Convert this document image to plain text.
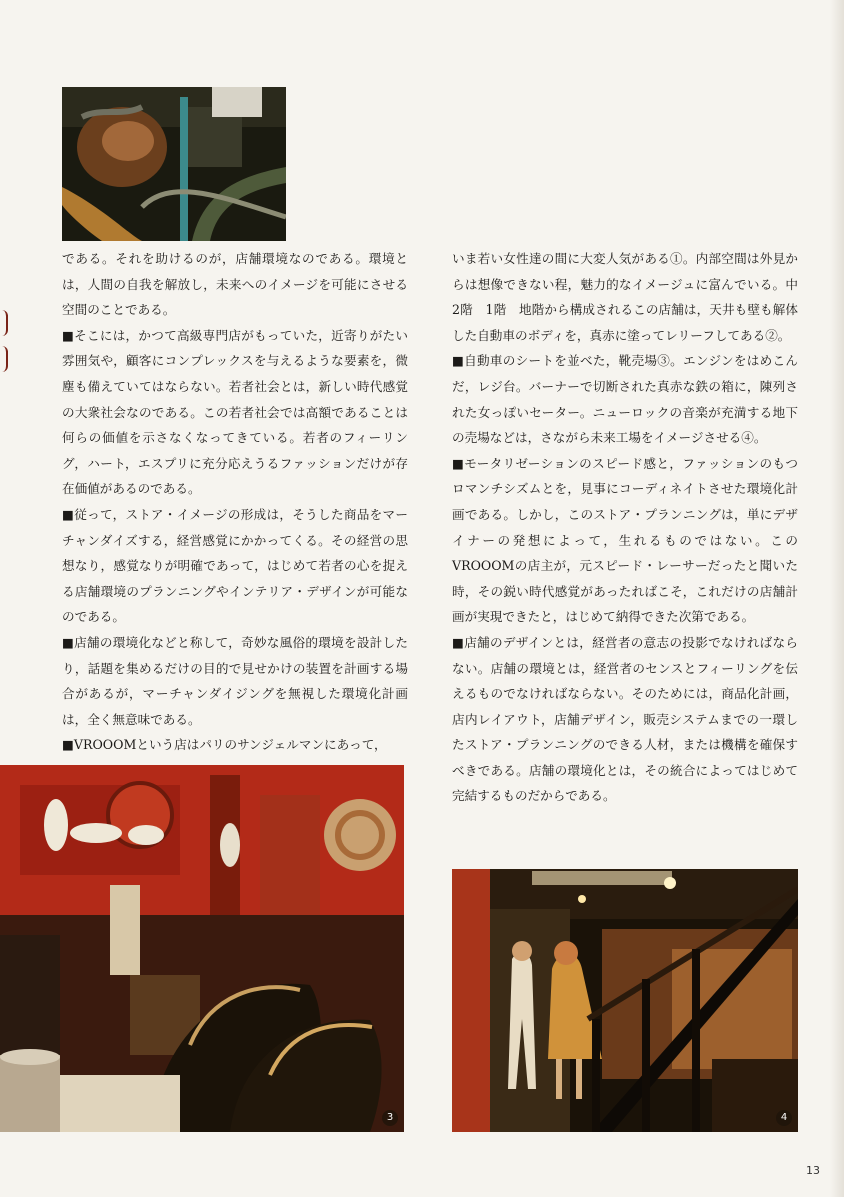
である。それを助けるのが，店舗環境なのである。環境とは，人間の自我を解放し，未来へのイメージを可能にさせる空間のことである。

■そこには，かつて高級専門店がもっていた，近寄りがたい雰囲気や，顧客にコンプレックスを与えるような要素を，微塵も備えていてはならない。若者社会とは，新しい時代感覚の大衆社会なのである。この若者社会では高額であることは何らの価値を示さなくなってきている。若者のフィーリング，ハート，エスプリに充分応えうるファッションだけが存在価値があるのである。

■従って，ストア・イメージの形成は，そうした商品をマーチャンダイズする，経営感覚にかかってくる。その経営の思想なり，感覚なりが明確であって，はじめて若者の心を捉える店舗環境のプランニングやインテリア・デザインが可能なのである。

■店舗の環境化などと称して，奇妙な風俗的環境を設計したり，話題を集めるだけの目的で見せかけの装置を計画する場合があるが，マーチャンダイジングを無視した環境化計画は，全く無意味である。

■VROOOMという店はパリのサンジェルマンにあって，

いま若い女性達の間に大変人気がある①。内部空間は外見からは想像できない程，魅力的なイメージュに富んでいる。中2階　1階　地階から構成されるこの店舗は，天井も壁も解体した自動車のボディを，真赤に塗ってレリーフしてある②。

■自動車のシートを並べた，靴売場③。エンジンをはめこんだ，レジ台。バーナーで切断された真赤な鉄の箱に，陳列された女っぽいセーター。ニューロックの音楽が充満する地下の売場などは，さながら未来工場をイメージさせる④。

■モータリゼーションのスピード感と，ファッションのもつロマンチシズムとを，見事にコーディネイトさせた環境化計画である。しかし，このストア・プランニングは，単にデザイナーの発想によって，生れるものではない。このVROOOMの店主が，元スピード・レーサーだったと聞いた時，その鋭い時代感覚があったればこそ，これだけの店舗計画が実現できたと，はじめて納得できた次第である。

■店舗のデザインとは，経営者の意志の投影でなければならない。店舗の環境とは，経営者のセンスとフィーリングを伝えるものでなければならない。そのためには，商品化計画，店内レイアウト，店舗デザイン，販売システムまでの一環したストア・プランニングのできる人材，または機構を確保すべきである。店舗の環境化とは，その統合によってはじめて完結するものだからである。

3	4
13
